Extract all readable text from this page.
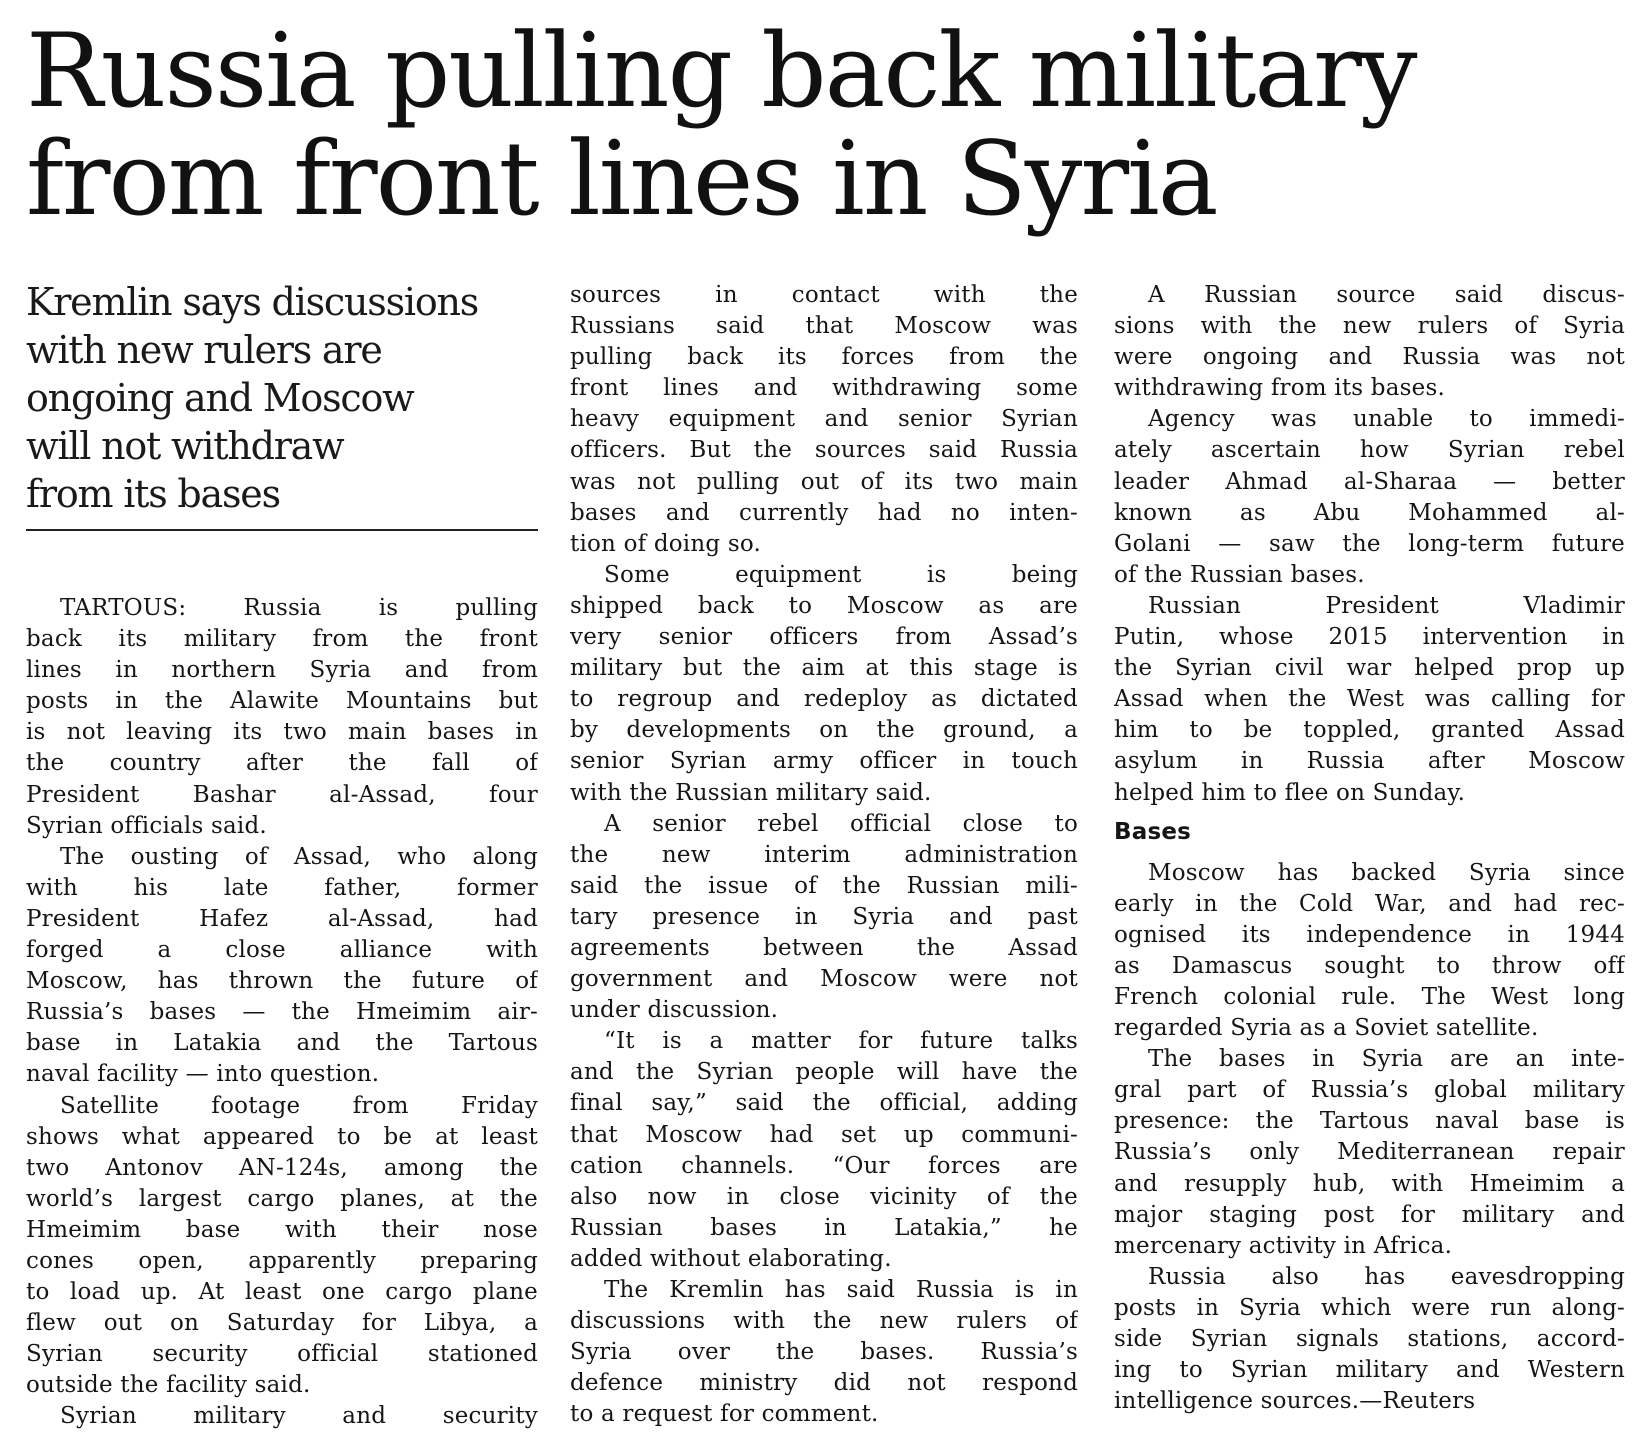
Russia pulling back military
from front lines in Syria
Kremlin says discussions
with new rulers are
ongoing and Moscow
will not withdraw
from its bases
TARTOUS: Russia is pulling
back its military from the front
lines in northern Syria and from
posts in the Alawite Mountains but
is not leaving its two main bases in
the country after the fall of
President Bashar al-Assad, four
Syrian officials said.
The ousting of Assad, who along
with his late father, former
President Hafez al-Assad, had
forged a close alliance with
Moscow, has thrown the future of
Russia’s bases — the Hmeimim air-
base in Latakia and the Tartous
naval facility — into question.
Satellite footage from Friday
shows what appeared to be at least
two Antonov AN-124s, among the
world’s largest cargo planes, at the
Hmeimim base with their nose
cones open, apparently preparing
to load up. At least one cargo plane
flew out on Saturday for Libya, a
Syrian security official stationed
outside the facility said.
Syrian military and security
sources in contact with the
Russians said that Moscow was
pulling back its forces from the
front lines and withdrawing some
heavy equipment and senior Syrian
officers. But the sources said Russia
was not pulling out of its two main
bases and currently had no inten-
tion of doing so.
Some equipment is being
shipped back to Moscow as are
very senior officers from Assad’s
military but the aim at this stage is
to regroup and redeploy as dictated
by developments on the ground, a
senior Syrian army officer in touch
with the Russian military said.
A senior rebel official close to
the new interim administration
said the issue of the Russian mili-
tary presence in Syria and past
agreements between the Assad
government and Moscow were not
under discussion.
“It is a matter for future talks
and the Syrian people will have the
final say,” said the official, adding
that Moscow had set up communi-
cation channels. “Our forces are
also now in close vicinity of the
Russian bases in Latakia,” he
added without elaborating.
The Kremlin has said Russia is in
discussions with the new rulers of
Syria over the bases. Russia’s
defence ministry did not respond
to a request for comment.
A Russian source said discus-
sions with the new rulers of Syria
were ongoing and Russia was not
withdrawing from its bases.
Agency was unable to immedi-
ately ascertain how Syrian rebel
leader Ahmad al-Sharaa — better
known as Abu Mohammed al-
Golani — saw the long-term future
of the Russian bases.
Russian President Vladimir
Putin, whose 2015 intervention in
the Syrian civil war helped prop up
Assad when the West was calling for
him to be toppled, granted Assad
asylum in Russia after Moscow
helped him to flee on Sunday.
Bases
Moscow has backed Syria since
early in the Cold War, and had rec-
ognised its independence in 1944
as Damascus sought to throw off
French colonial rule. The West long
regarded Syria as a Soviet satellite.
The bases in Syria are an inte-
gral part of Russia’s global military
presence: the Tartous naval base is
Russia’s only Mediterranean repair
and resupply hub, with Hmeimim a
major staging post for military and
mercenary activity in Africa.
Russia also has eavesdropping
posts in Syria which were run along-
side Syrian signals stations, accord-
ing to Syrian military and Western
intelligence sources.—Reuters
